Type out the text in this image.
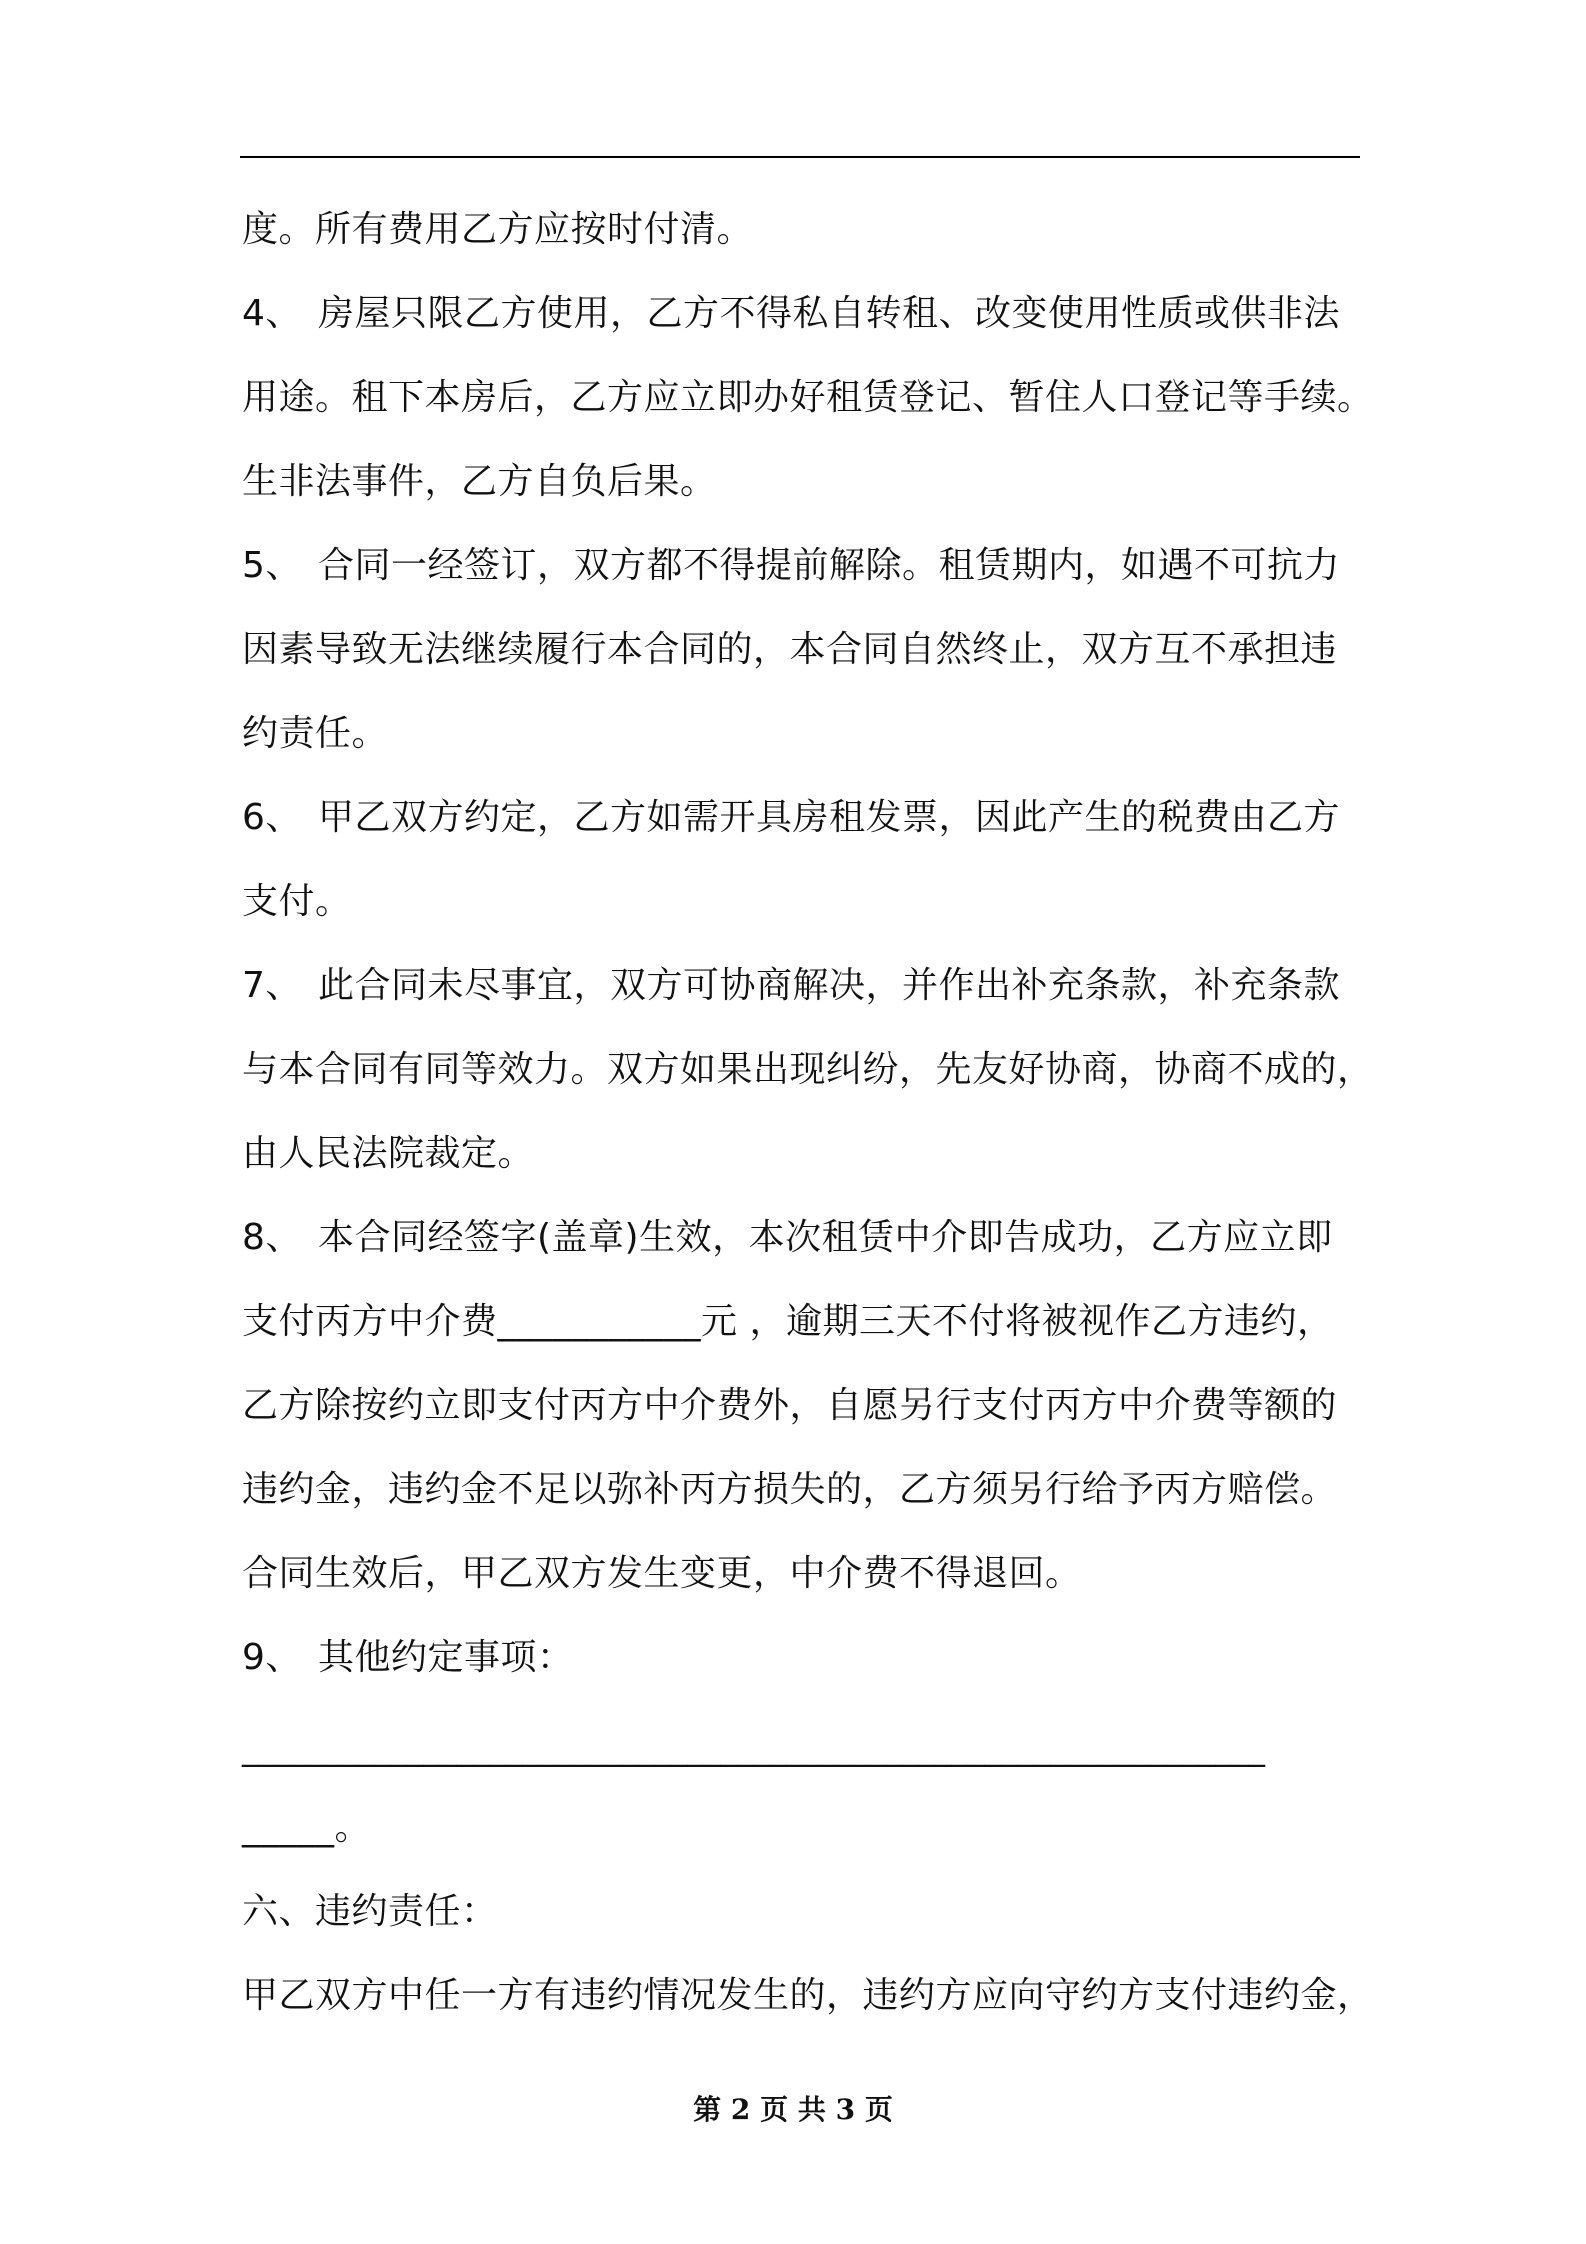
度。所有费用乙方应按时付清。
4、 房屋只限乙方使用，乙方不得私自转租、改变使用性质或供非法
用途。租下本房后，乙方应立即办好租赁登记、暂住人口登记等手续。
生非法事件，乙方自负后果。
5、 合同一经签订，双方都不得提前解除。租赁期内，如遇不可抗力
因素导致无法继续履行本合同的，本合同自然终止，双方互不承担违
约责任。
6、 甲乙双方约定，乙方如需开具房租发票，因此产生的税费由乙方
支付。
7、 此合同未尽事宜，双方可协商解决，并作出补充条款，补充条款
与本合同有同等效力。双方如果出现纠纷，先友好协商，协商不成的，
由人民法院裁定。
8、 本合同经签字(盖章)生效，本次租赁中介即告成功，乙方应立即
支付丙方中介费___________元 ，逾期三天不付将被视作乙方违约，
乙方除按约立即支付丙方中介费外，自愿另行支付丙方中介费等额的
违约金，违约金不足以弥补丙方损失的，乙方须另行给予丙方赔偿。
合同生效后，甲乙双方发生变更，中介费不得退回。
9、 其他约定事项：
______________________________________________________________
_____。
六、违约责任：
甲乙双方中任一方有违约情况发生的，违约方应向守约方支付违约金，
第 2 页 共 3 页
